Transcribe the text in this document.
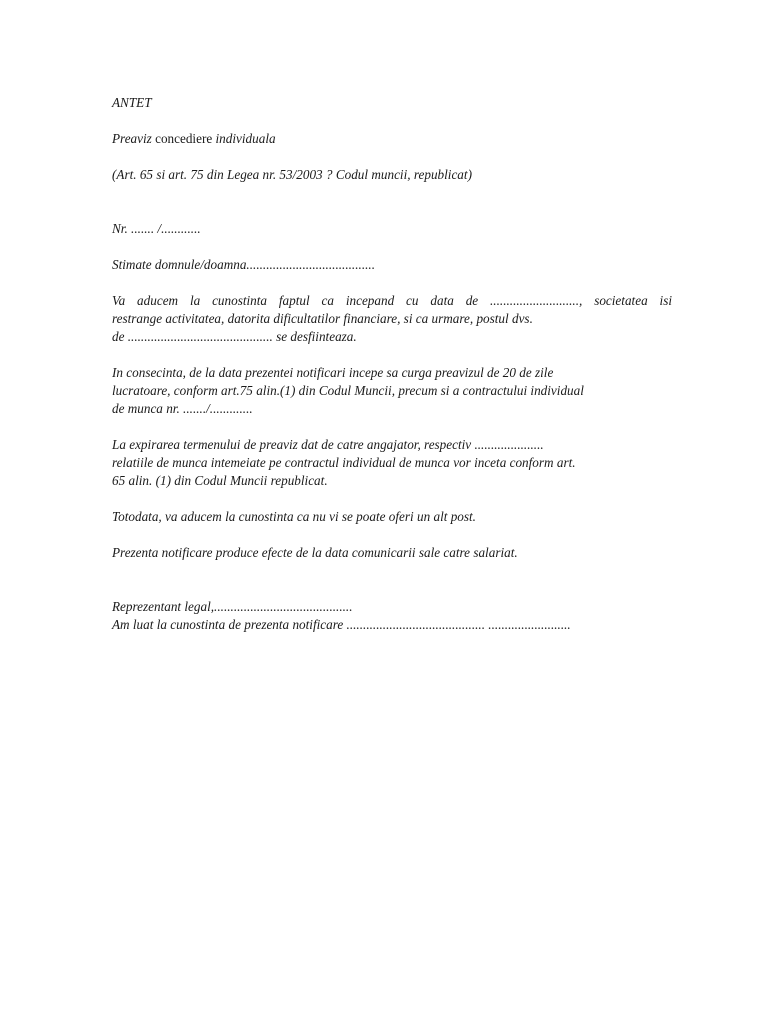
ANTET

Preaviz concediere individuala

(Art. 65 si art. 75 din Legea nr. 53/2003 ? Codul muncii, republicat)

Nr. ....... /............

Stimate domnule/doamna.......................................

Va aducem la cunostinta faptul ca incepand cu data de ..........................., societatea isi
restrange activitatea, datorita dificultatilor financiare, si ca urmare, postul dvs.
de ............................................ se desfiinteaza.

In consecinta, de la data prezentei notificari incepe sa curga preavizul de 20 de zile
lucratoare, conform art.75 alin.(1) din Codul Muncii, precum si a contractului individual
de munca nr. ......./.............

La expirarea termenului de preaviz dat de catre angajator, respectiv .....................
relatiile de munca intemeiate pe contractul individual de munca vor inceta conform art.
65 alin. (1) din Codul Muncii republicat.

Totodata, va aducem la cunostinta ca nu vi se poate oferi un alt post.

Prezenta notificare produce efecte de la data comunicarii sale catre salariat.

Reprezentant legal,..........................................
Am luat la cunostinta de prezenta notificare .......................................... .........................
